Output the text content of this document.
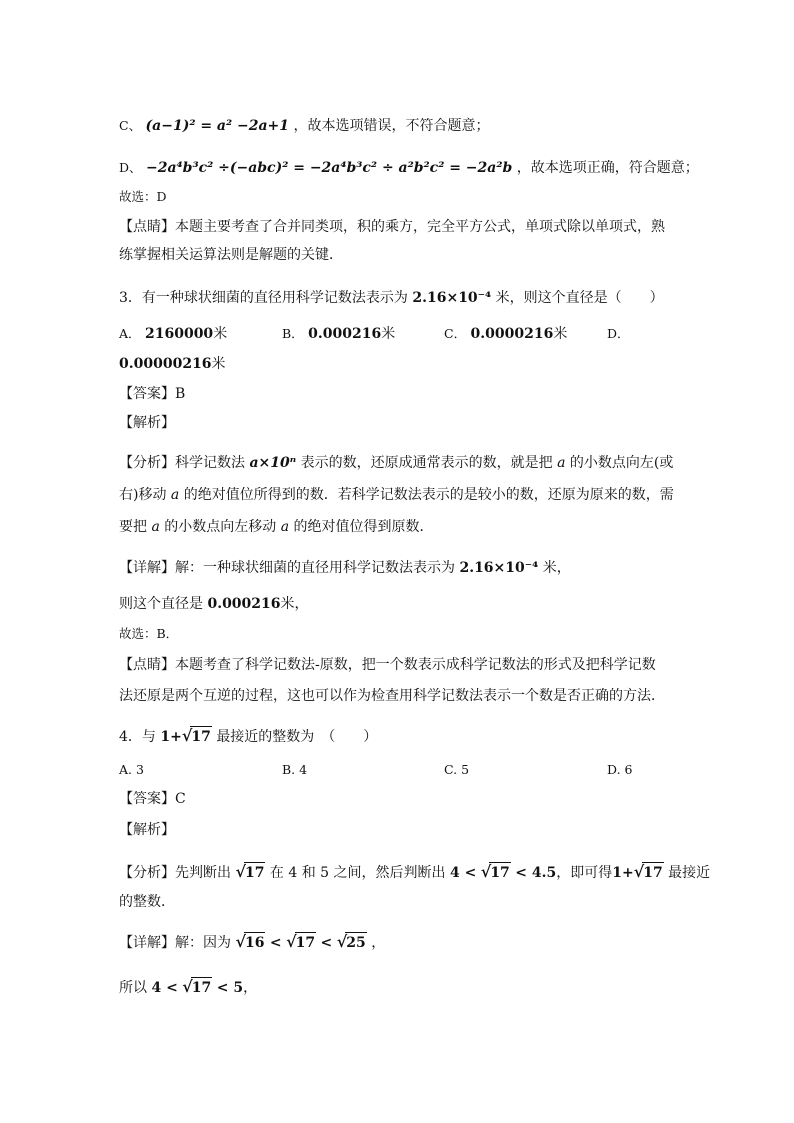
C、 (a−1)² = a² −2a+1 ，故本选项错误，不符合题意；
D、 −2a⁴b³c² ÷(−abc)² = −2a⁴b³c² ÷ a²b²c² = −2a²b ，故本选项正确，符合题意；
故选：D
【点睛】本题主要考查了合并同类项，积的乘方，完全平方公式，单项式除以单项式，熟
练掌握相关运算法则是解题的关键．
3．有一种球状细菌的直径用科学记数法表示为 2.16×10⁻⁴ 米，则这个直径是（　　）
A． 2160000米	B． 0.000216米	C． 0.0000216米	D．
0.00000216米
【答案】B
【解析】
【分析】科学记数法 a×10ⁿ 表示的数，还原成通常表示的数，就是把 a 的小数点向左(或
右)移动 a 的绝对值位所得到的数．若科学记数法表示的是较小的数，还原为原来的数，需
要把 a 的小数点向左移动 a 的绝对值位得到原数．
【详解】解：一种球状细菌的直径用科学记数法表示为 2.16×10⁻⁴ 米，
则这个直径是 0.000216米，
故选：B．
【点睛】本题考查了科学记数法-原数，把一个数表示成科学记数法的形式及把科学记数
法还原是两个互逆的过程，这也可以作为检查用科学记数法表示一个数是否正确的方法．
4．与 1+√17 最接近的整数为　（　　）
A. 3	B. 4	C. 5	D. 6
【答案】C
【解析】
【分析】先判断出 √17 在 4 和 5 之间，然后判断出 4 < √17 < 4.5，即可得1+√17 最接近
的整数．
【详解】解：因为 √16 < √17 < √25 ，
所以 4 < √17 < 5，
